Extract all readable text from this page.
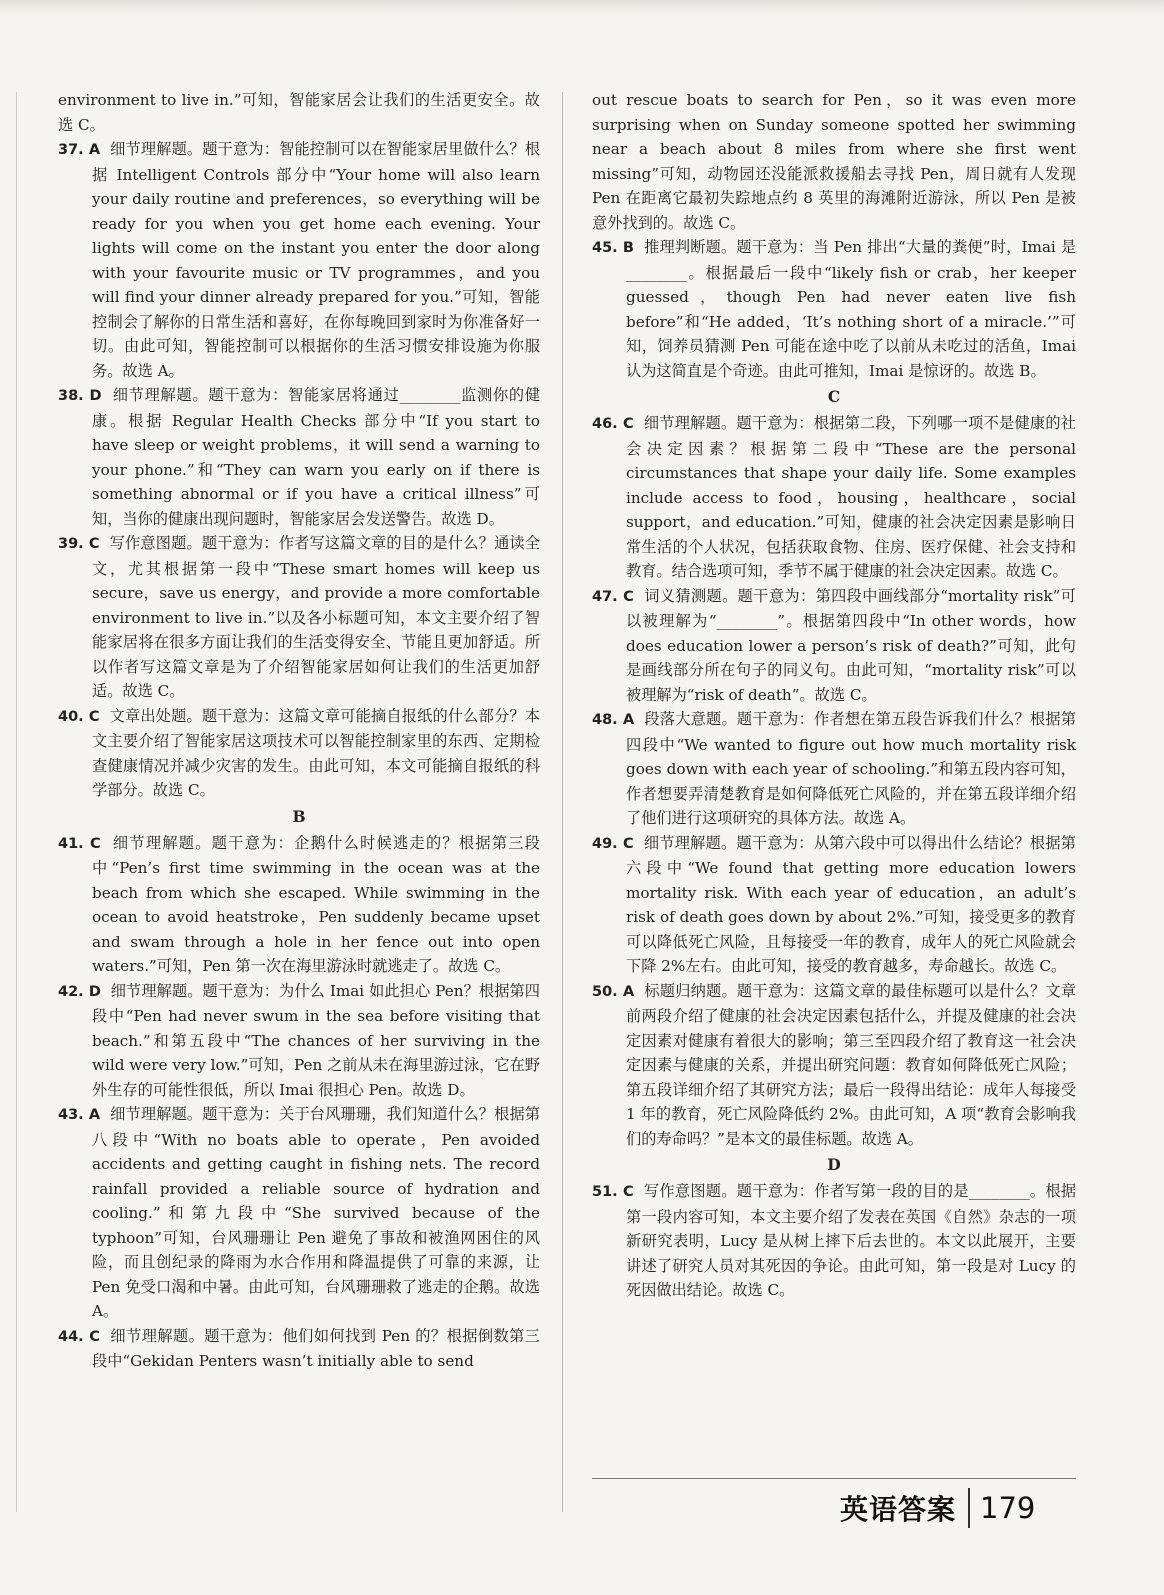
environment to live in.”可知，智能家居会让我们的生活更安全。故选 C。

37. A 细节理解题。题干意为：智能控制可以在智能家居里做什么？根据 Intelligent Controls 部分中“Your home will also learn your daily routine and preferences，so everything will be ready for you when you get home each evening. Your lights will come on the instant you enter the door along with your favourite music or TV programmes，and you will find your dinner already prepared for you.”可知，智能控制会了解你的日常生活和喜好，在你每晚回到家时为你准备好一切。由此可知，智能控制可以根据你的生活习惯安排设施为你服务。故选 A。

38. D 细节理解题。题干意为：智能家居将通过________监测你的健康。根据 Regular Health Checks 部分中“If you start to have sleep or weight problems，it will send a warning to your phone.”和“They can warn you early on if there is something abnormal or if you have a critical illness”可知，当你的健康出现问题时，智能家居会发送警告。故选 D。

39. C 写作意图题。题干意为：作者写这篇文章的目的是什么？通读全文，尤其根据第一段中“These smart homes will keep us secure，save us energy，and provide a more comfortable environment to live in.”以及各小标题可知，本文主要介绍了智能家居将在很多方面让我们的生活变得安全、节能且更加舒适。所以作者写这篇文章是为了介绍智能家居如何让我们的生活更加舒适。故选 C。

40. C 文章出处题。题干意为：这篇文章可能摘自报纸的什么部分？本文主要介绍了智能家居这项技术可以智能控制家里的东西、定期检查健康情况并减少灾害的发生。由此可知，本文可能摘自报纸的科学部分。故选 C。

B

41. C 细节理解题。题干意为：企鹅什么时候逃走的？根据第三段中“Pen’s first time swimming in the ocean was at the beach from which she escaped. While swimming in the ocean to avoid heatstroke，Pen suddenly became upset and swam through a hole in her fence out into open waters.”可知，Pen 第一次在海里游泳时就逃走了。故选 C。

42. D 细节理解题。题干意为：为什么 Imai 如此担心 Pen？根据第四段中“Pen had never swum in the sea before visiting that beach.”和第五段中“The chances of her surviving in the wild were very low.”可知，Pen 之前从未在海里游过泳，它在野外生存的可能性很低，所以 Imai 很担心 Pen。故选 D。

43. A 细节理解题。题干意为：关于台风珊珊，我们知道什么？根据第八段中“With no boats able to operate，Pen avoided accidents and getting caught in fishing nets. The record rainfall provided a reliable source of hydration and cooling.”和第九段中“She survived because of the typhoon”可知，台风珊珊让 Pen 避免了事故和被渔网困住的风险，而且创纪录的降雨为水合作用和降温提供了可靠的来源，让 Pen 免受口渴和中暑。由此可知，台风珊珊救了逃走的企鹅。故选 A。

44. C 细节理解题。题干意为：他们如何找到 Pen 的？根据倒数第三段中“Gekidan Penters wasn’t initially able to send

out rescue boats to search for Pen，so it was even more surprising when on Sunday someone spotted her swimming near a beach about 8 miles from where she first went missing”可知，动物园还没能派救援船去寻找 Pen，周日就有人发现 Pen 在距离它最初失踪地点约 8 英里的海滩附近游泳，所以 Pen 是被意外找到的。故选 C。

45. B 推理判断题。题干意为：当 Pen 排出“大量的粪便”时，Imai 是________。根据最后一段中“likely fish or crab，her keeper guessed，though Pen had never eaten live fish before”和“He added，‘It’s nothing short of a miracle.’”可知，饲养员猜测 Pen 可能在途中吃了以前从未吃过的活鱼，Imai 认为这简直是个奇迹。由此可推知，Imai 是惊讶的。故选 B。

C

46. C 细节理解题。题干意为：根据第二段，下列哪一项不是健康的社会决定因素？根据第二段中“These are the personal circumstances that shape your daily life. Some examples include access to food，housing，healthcare，social support，and education.”可知，健康的社会决定因素是影响日常生活的个人状况，包括获取食物、住房、医疗保健、社会支持和教育。结合选项可知，季节不属于健康的社会决定因素。故选 C。

47. C 词义猜测题。题干意为：第四段中画线部分“mortality risk”可以被理解为“________”。根据第四段中“In other words，how does education lower a person’s risk of death?”可知，此句是画线部分所在句子的同义句。由此可知，“mortality risk”可以被理解为“risk of death”。故选 C。

48. A 段落大意题。题干意为：作者想在第五段告诉我们什么？根据第四段中“We wanted to figure out how much mortality risk goes down with each year of schooling.”和第五段内容可知，作者想要弄清楚教育是如何降低死亡风险的，并在第五段详细介绍了他们进行这项研究的具体方法。故选 A。

49. C 细节理解题。题干意为：从第六段中可以得出什么结论？根据第六段中“We found that getting more education lowers mortality risk. With each year of education，an adult’s risk of death goes down by about 2%.”可知，接受更多的教育可以降低死亡风险，且每接受一年的教育，成年人的死亡风险就会下降 2%左右。由此可知，接受的教育越多，寿命越长。故选 C。

50. A 标题归纳题。题干意为：这篇文章的最佳标题可以是什么？文章前两段介绍了健康的社会决定因素包括什么，并提及健康的社会决定因素对健康有着很大的影响；第三至四段介绍了教育这一社会决定因素与健康的关系，并提出研究问题：教育如何降低死亡风险；第五段详细介绍了其研究方法；最后一段得出结论：成年人每接受 1 年的教育，死亡风险降低约 2%。由此可知，A 项“教育会影响我们的寿命吗？”是本文的最佳标题。故选 A。

D

51. C 写作意图题。题干意为：作者写第一段的目的是________。根据第一段内容可知，本文主要介绍了发表在英国《自然》杂志的一项新研究表明，Lucy 是从树上摔下后去世的。本文以此展开，主要讲述了研究人员对其死因的争论。由此可知，第一段是对 Lucy 的死因做出结论。故选 C。

英语答案 179
